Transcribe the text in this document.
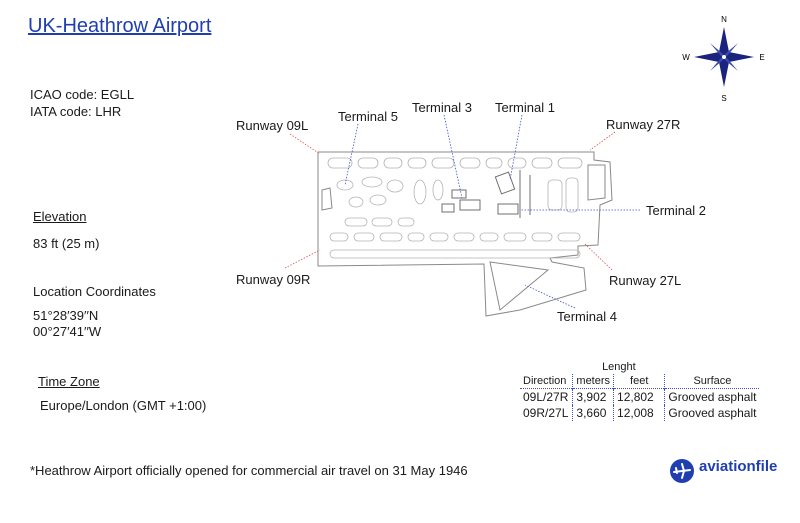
UK-Heathrow Airport
ICAO code: EGLL
IATA code: LHR
Elevation
83 ft (25 m)
Location Coordinates
51°28′39′′N
00°27′41′′W
Time Zone
Europe/London (GMT +1:00)
N
S
E
W
Runway 09L
Terminal 5
Terminal 3 Terminal 1
Runway 27R
Terminal 2
Runway 09R	Runway 27L
Terminal 4
	Lenght		
Direction	meters	feet	Surface
09L/27R	3,902	12,802	Grooved asphalt
09R/27L	3,660	12,008	Grooved asphalt
*Heathrow Airport officially opened for commercial air travel on 31 May 1946	aviationfile
